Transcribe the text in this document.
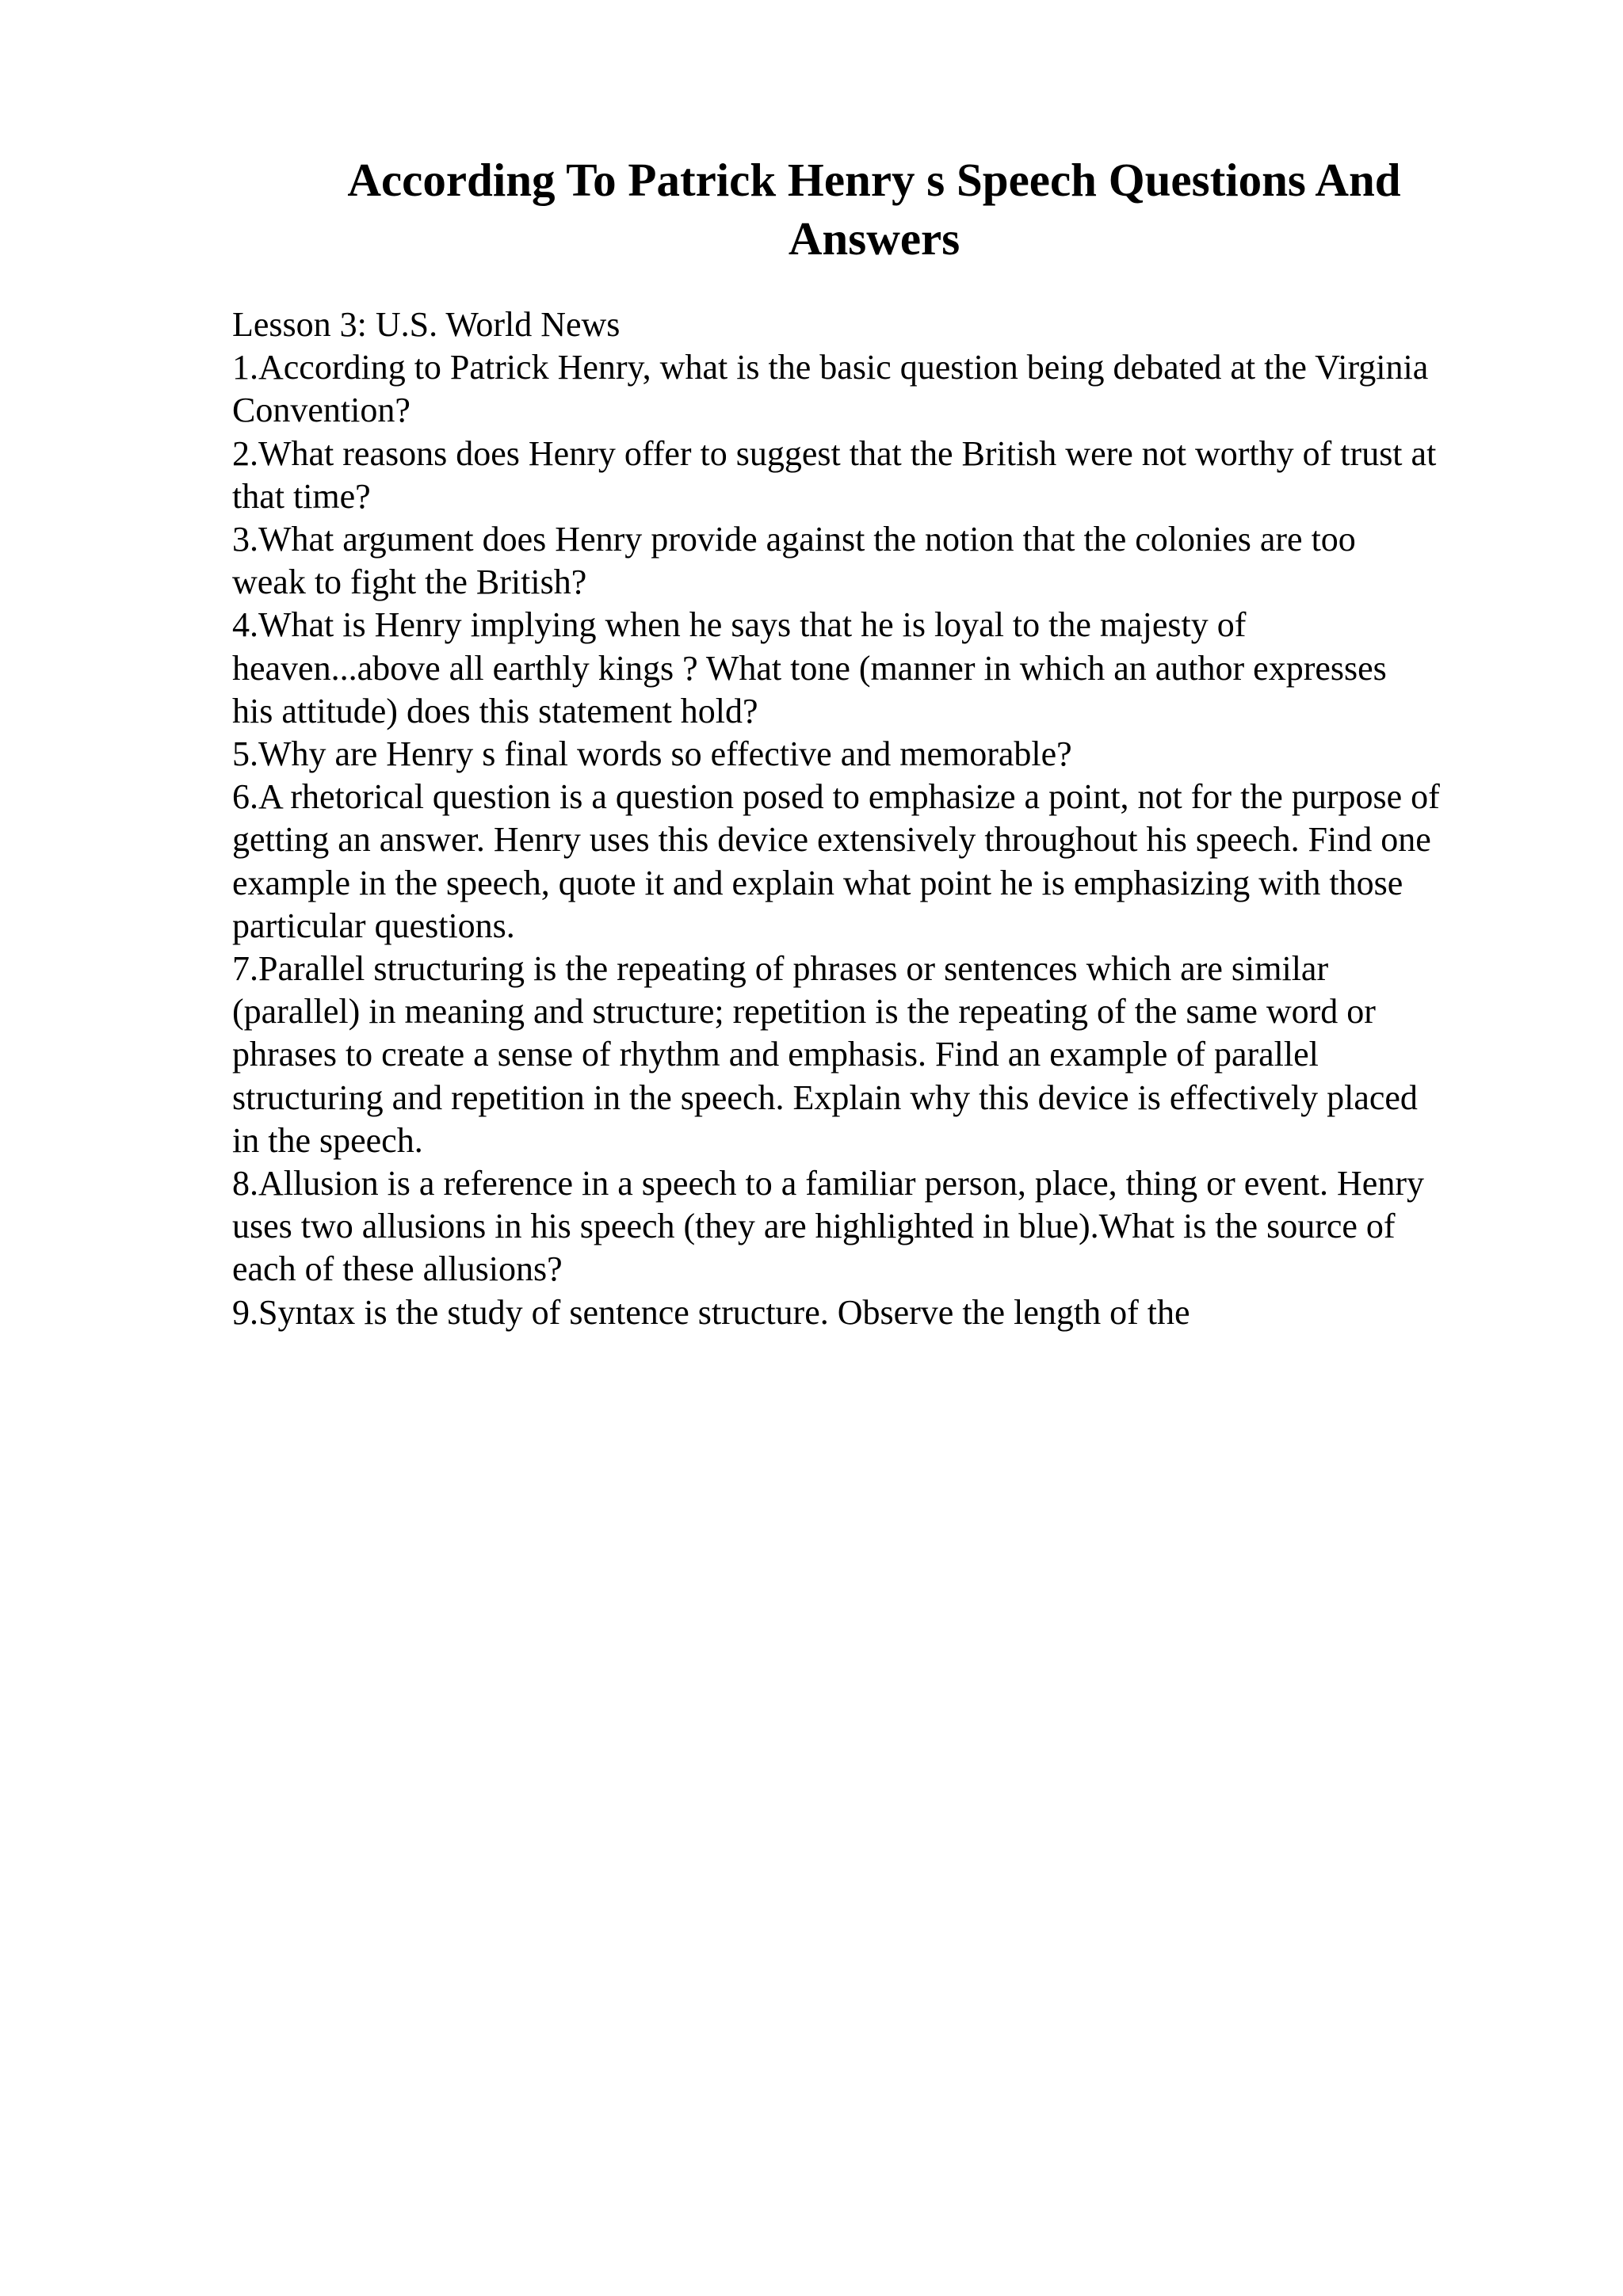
According To Patrick Henry s Speech Questions And
Answers
Lesson 3: U.S. World News
1.According to Patrick Henry, what is the basic question being debated at the Virginia
Convention?
2.What reasons does Henry offer to suggest that the British were not worthy of trust at
that time?
3.What argument does Henry provide against the notion that the colonies are too
weak to fight the British?
4.What is Henry implying when he says that he is loyal to the majesty of
heaven...above all earthly kings ? What tone (manner in which an author expresses
his attitude) does this statement hold?
5.Why are Henry s final words so effective and memorable?
6.A rhetorical question is a question posed to emphasize a point, not for the purpose of
getting an answer. Henry uses this device extensively throughout his speech. Find one
example in the speech, quote it and explain what point he is emphasizing with those
particular questions.
7.Parallel structuring is the repeating of phrases or sentences which are similar
(parallel) in meaning and structure; repetition is the repeating of the same word or
phrases to create a sense of rhythm and emphasis. Find an example of parallel
structuring and repetition in the speech. Explain why this device is effectively placed
in the speech.
8.Allusion is a reference in a speech to a familiar person, place, thing or event. Henry
uses two allusions in his speech (they are highlighted in blue).What is the source of
each of these allusions?
9.Syntax is the study of sentence structure. Observe the length of the
